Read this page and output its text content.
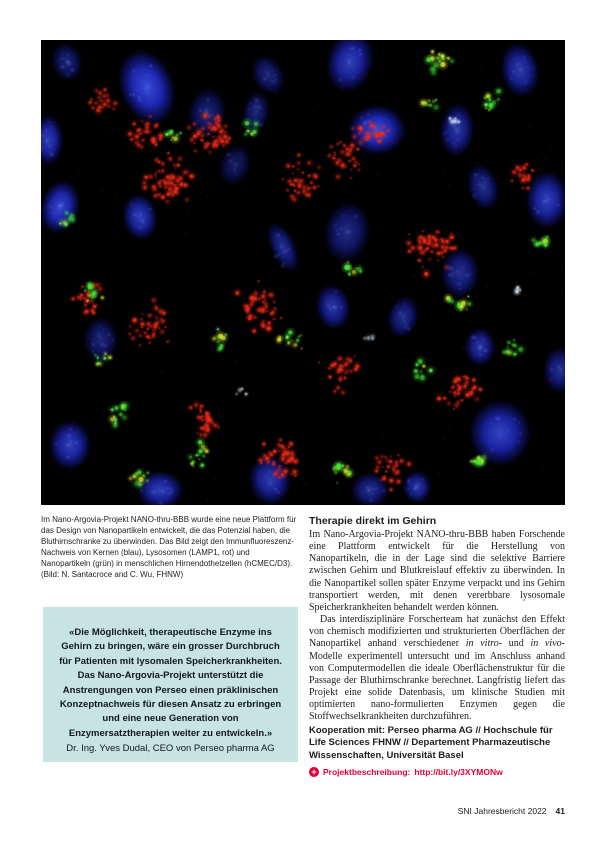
Im Nano-Argovia-Projekt NANO-thru-BBB wurde eine neue Plattform für das Design von Nanopartikeln entwickelt, die das Potenzial haben, die Bluthirnschranke zu überwinden. Das Bild zeigt den Immunfluoreszenz-Nachweis von Kernen (blau), Lysosomen (LAMP1, rot) und Nanopartikeln (grün) in menschlichen Hirnendothelzellen (hCMEC/D3). (Bild: N. Santacroce and C. Wu, FHNW)

«Die Möglichkeit, therapeutische Enzyme ins Gehirn zu bringen, wäre ein grosser Durchbruch für Patienten mit lysomalen Speicherkrankheiten. Das Nano-Argovia-Projekt unterstützt die Anstrengungen von Perseo einen präklinischen Konzeptnachweis für diesen Ansatz zu erbringen und eine neue Generation von Enzymersatztherapien weiter zu entwickeln.»

Dr. Ing. Yves Dudal, CEO von Perseo pharma AG

Therapie direkt im Gehirn

Im Nano-Argovia-Projekt NANO-thru-BBB haben Forschende eine Plattform entwickelt für die Herstellung von Nanopartikeln, die in der Lage sind die selektive Barriere zwischen Gehirn und Blutkreislauf effektiv zu überwinden. In die Nanopartikel sollen später Enzyme verpackt und ins Gehirn transportiert werden, mit denen vererbbare lysosomale Speicherkrankheiten behandelt werden können.

Das interdisziplinäre Forscherteam hat zunächst den Effekt von chemisch modifizierten und strukturierten Oberflächen der Nanopartikel anhand verschiedener in vitro- und in vivo-Modelle experimentell untersucht und im Anschluss anhand von Computermodellen die ideale Oberflächenstruktur für die Passage der Bluthirnschranke berechnet. Langfristig liefert das Projekt eine solide Datenbasis, um klinische Studien mit optimierten nano-formulierten Enzymen gegen die Stoffwechselkrankheiten durchzuführen.

Kooperation mit: Perseo pharma AG // Hochschule für Life Sciences FHNW // Departement Pharmazeutische Wissenschaften, Universität Basel

+ Projektbeschreibung: http://bit.ly/3XYMONw

SNI Jahresbericht 2022 41
